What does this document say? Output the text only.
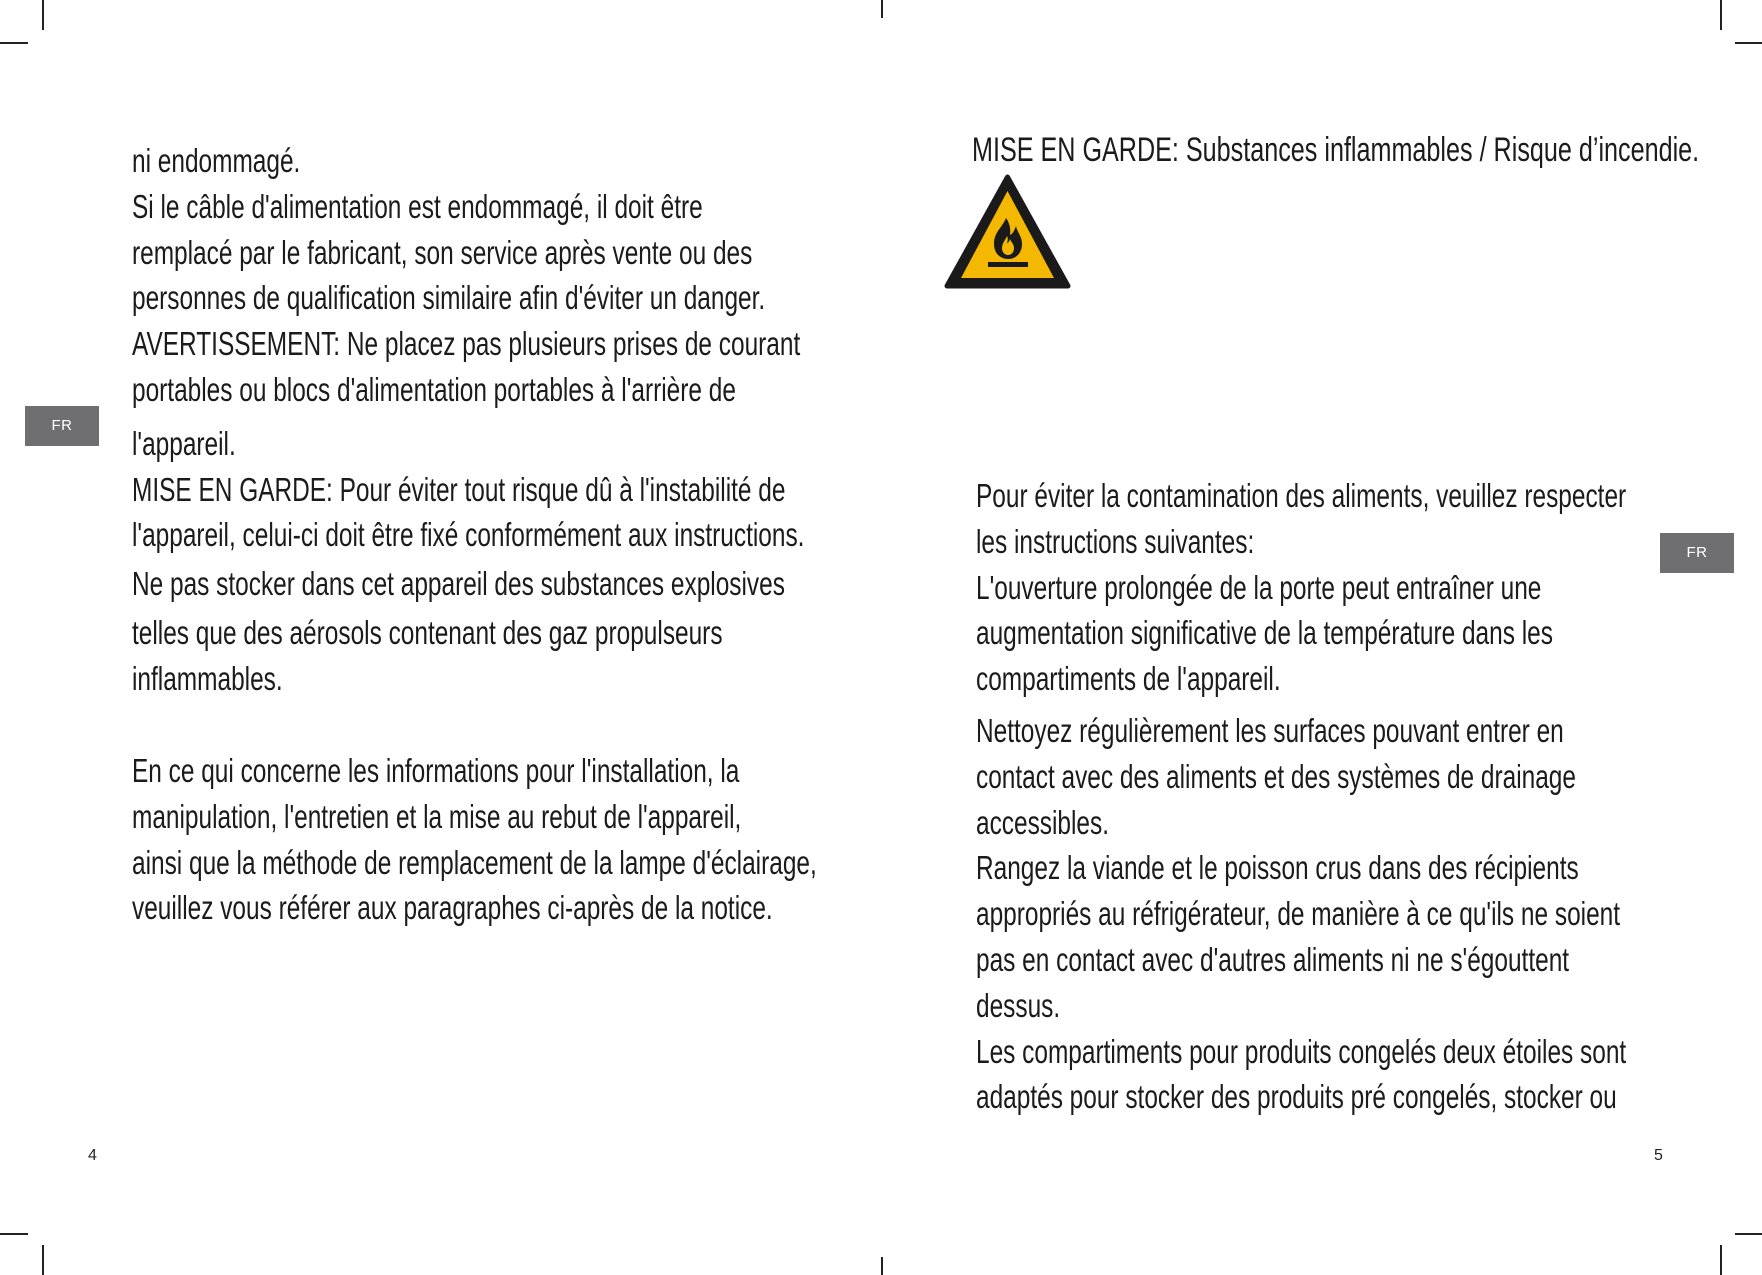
FR
ni endommagé.
Si le câble d'alimentation est endommagé, il doit être
remplacé par le fabricant, son service après vente ou des
personnes de qualification similaire afin d'éviter un danger.
AVERTISSEMENT: Ne placez pas plusieurs prises de courant
portables ou blocs d'alimentation portables à l'arrière de
l'appareil.
MISE EN GARDE: Pour éviter tout risque dû à l'instabilité de
l'appareil, celui-ci doit être fixé conformément aux instructions.
Ne pas stocker dans cet appareil des substances explosives
telles que des aérosols contenant des gaz propulseurs
inflammables.
En ce qui concerne les informations pour l'installation, la
manipulation, l'entretien et la mise au rebut de l'appareil,
ainsi que la méthode de remplacement de la lampe d'éclairage,
veuillez vous référer aux paragraphes ci-après de la notice.
4
MISE EN GARDE: Substances inflammables / Risque d’incendie.
FR
Pour éviter la contamination des aliments, veuillez respecter
les instructions suivantes:
L'ouverture prolongée de la porte peut entraîner une
augmentation significative de la température dans les
compartiments de l'appareil.
Nettoyez régulièrement les surfaces pouvant entrer en
contact avec des aliments et des systèmes de drainage
accessibles.
Rangez la viande et le poisson crus dans des récipients
appropriés au réfrigérateur, de manière à ce qu'ils ne soient
pas en contact avec d'autres aliments ni ne s'égouttent
dessus.
Les compartiments pour produits congelés deux étoiles sont
adaptés pour stocker des produits pré congelés, stocker ou
5
